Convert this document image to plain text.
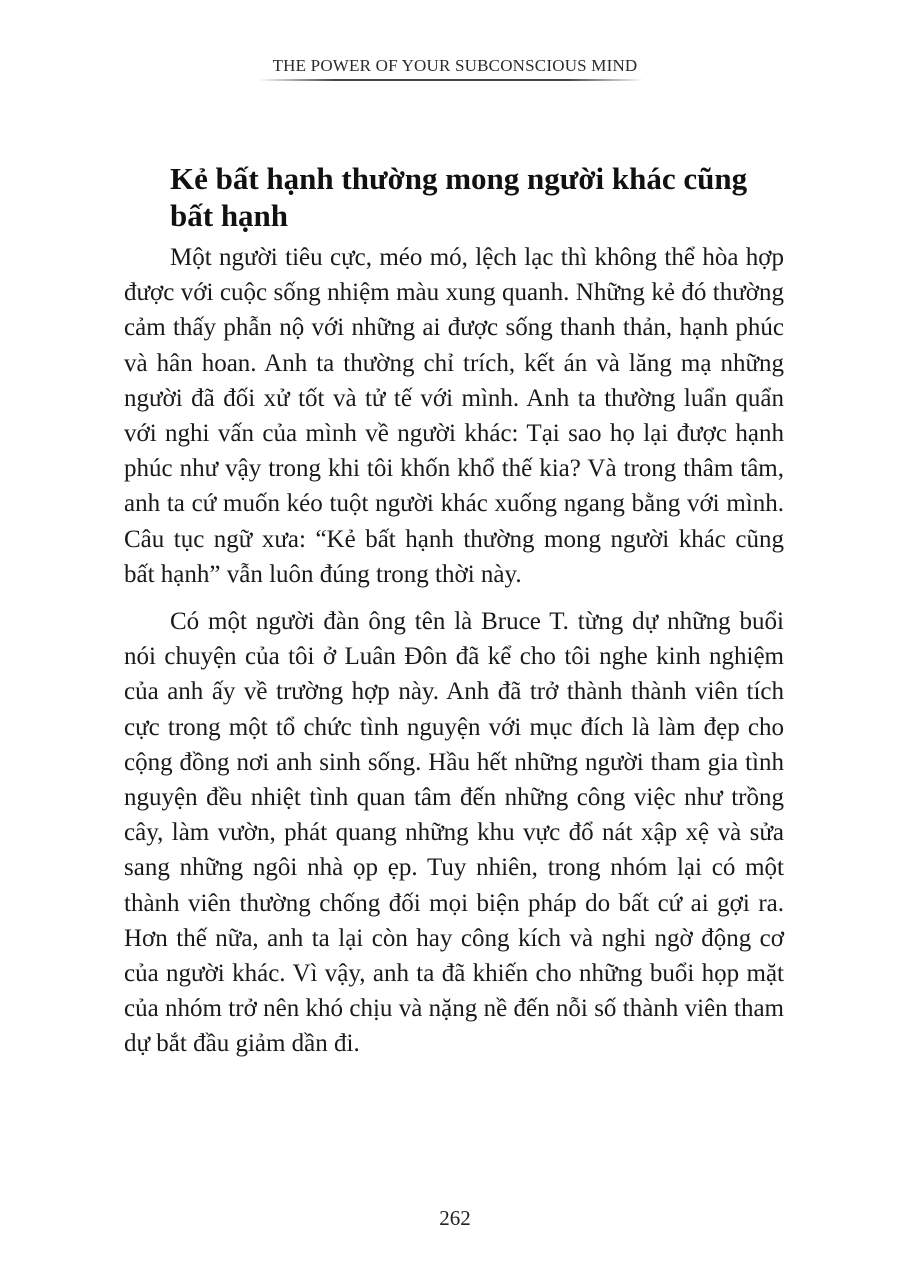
THE POWER OF YOUR SUBCONSCIOUS MIND
Kẻ bất hạnh thường mong người khác cũng bất hạnh

Một người tiêu cực, méo mó, lệch lạc thì không thể hòa hợp được với cuộc sống nhiệm màu xung quanh. Những kẻ đó thường cảm thấy phẫn nộ với những ai được sống thanh thản, hạnh phúc và hân hoan. Anh ta thường chỉ trích, kết án và lăng mạ những người đã đối xử tốt và tử tế với mình. Anh ta thường luẩn quẩn với nghi vấn của mình về người khác: Tại sao họ lại được hạnh phúc như vậy trong khi tôi khốn khổ thế kia? Và trong thâm tâm, anh ta cứ muốn kéo tuột người khác xuống ngang bằng với mình. Câu tục ngữ xưa: “Kẻ bất hạnh thường mong người khác cũng bất hạnh” vẫn luôn đúng trong thời này.

Có một người đàn ông tên là Bruce T. từng dự những buổi nói chuyện của tôi ở Luân Đôn đã kể cho tôi nghe kinh nghiệm của anh ấy về trường hợp này. Anh đã trở thành thành viên tích cực trong một tổ chức tình nguyện với mục đích là làm đẹp cho cộng đồng nơi anh sinh sống. Hầu hết những người tham gia tình nguyện đều nhiệt tình quan tâm đến những công việc như trồng cây, làm vườn, phát quang những khu vực đổ nát xập xệ và sửa sang những ngôi nhà ọp ẹp. Tuy nhiên, trong nhóm lại có một thành viên thường chống đối mọi biện pháp do bất cứ ai gợi ra. Hơn thế nữa, anh ta lại còn hay công kích và nghi ngờ động cơ của người khác. Vì vậy, anh ta đã khiến cho những buổi họp mặt của nhóm trở nên khó chịu và nặng nề đến nỗi số thành viên tham dự bắt đầu giảm dần đi.

262
